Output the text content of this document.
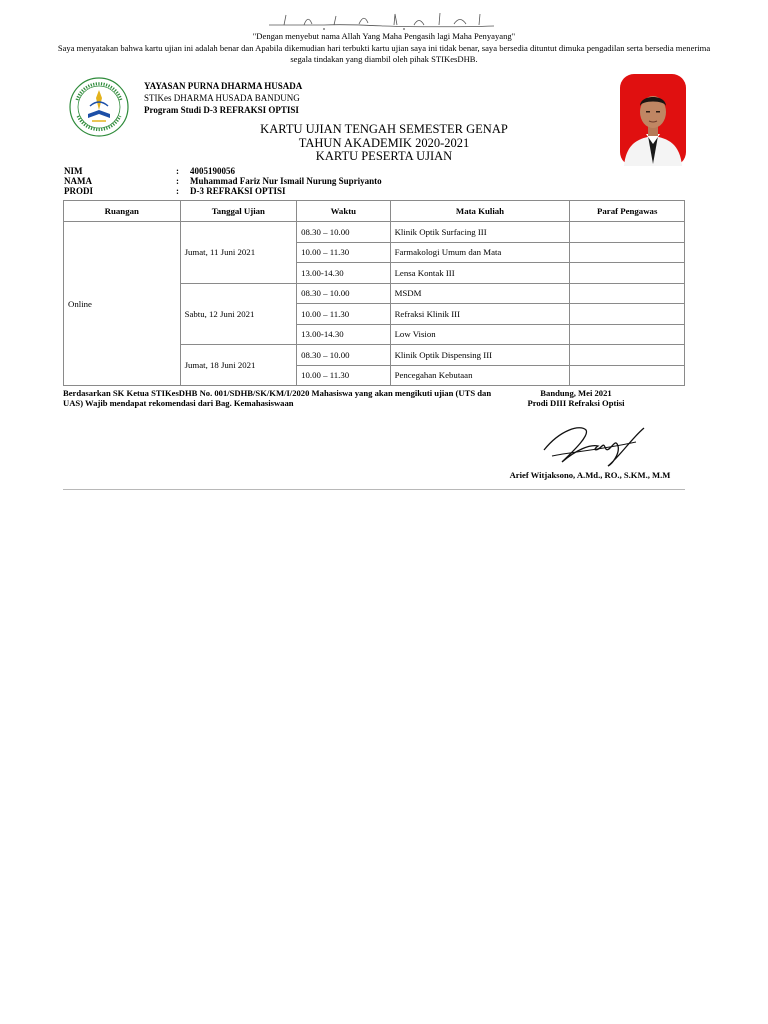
"Dengan menyebut nama Allah Yang Maha Pengasih lagi Maha Penyayang"
Saya menyatakan bahwa kartu ujian ini adalah benar dan Apabila dikemudian hari terbukti kartu ujian saya ini tidak benar, saya bersedia dituntut dimuka pengadilan serta bersedia menerima segala tindakan yang diambil oleh pihak STIKesDHB.
YAYASAN PURNA DHARMA HUSADA
STIKes DHARMA HUSADA BANDUNG
Program Studi D-3 REFRAKSI OPTISI
KARTU UJIAN TENGAH SEMESTER GENAP
TAHUN AKADEMIK 2020-2021
KARTU PESERTA UJIAN
NIM	:	4005190056
NAMA	:	Muhammad Fariz Nur Ismail Nurung Supriyanto
PRODI	:	D-3 REFRAKSI OPTISI
Ruangan	Tanggal Ujian	Waktu	Mata Kuliah	Paraf Pengawas
Online	Jumat, 11 Juni 2021	08.30 – 10.00	Klinik Optik Surfacing III	
		10.00 – 11.30	Farmakologi Umum dan Mata	
		13.00-14.30	Lensa Kontak III	
	Sabtu, 12 Juni 2021	08.30 – 10.00	MSDM	
		10.00 – 11.30	Refraksi Klinik III	
		13.00-14.30	Low Vision	
	Jumat, 18 Juni 2021	08.30 – 10.00	Klinik Optik Dispensing III	
		10.00 – 11.30	Pencegahan Kebutaan	
Berdasarkan SK Ketua STIKesDHB No. 001/SDHB/SK/KM/I/2020 Mahasiswa yang akan mengikuti ujian (UTS dan UAS) Wajib mendapat rekomendasi dari Bag. Kemahasiswaan
Bandung, Mei 2021
Prodi DIII Refraksi Optisi
Arief Witjaksono, A.Md., RO., S.KM., M.M
